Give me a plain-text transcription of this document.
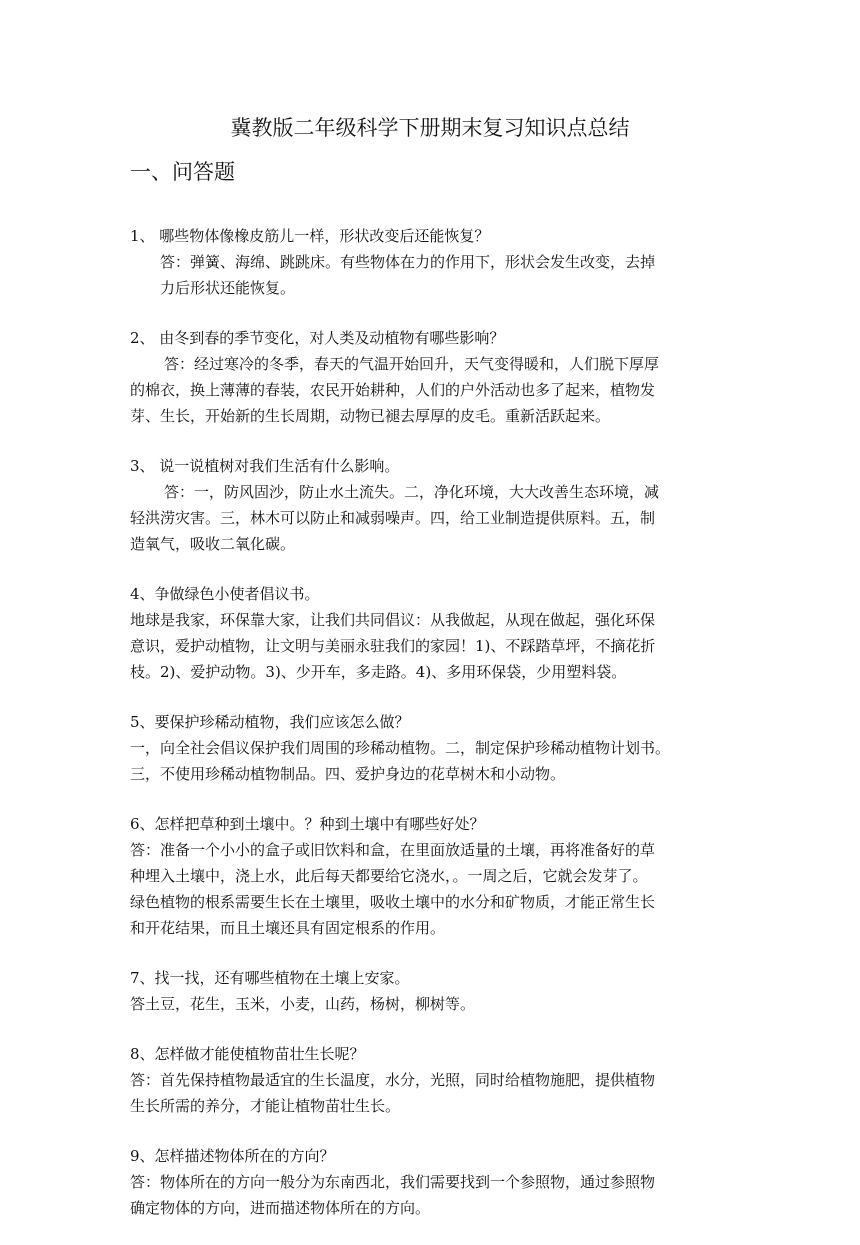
冀教版二年级科学下册期末复习知识点总结
一、问答题
1、 哪些物体像橡皮筋儿一样，形状改变后还能恢复？
答：弹簧、海绵、跳跳床。有些物体在力的作用下，形状会发生改变，去掉
力后形状还能恢复。
2、 由冬到春的季节变化，对人类及动植物有哪些影响？
答：经过寒冷的冬季，春天的气温开始回升，天气变得暖和，人们脱下厚厚
的棉衣，换上薄薄的春装，农民开始耕种，人们的户外活动也多了起来，植物发
芽、生长，开始新的生长周期，动物已褪去厚厚的皮毛。重新活跃起来。
3、 说一说植树对我们生活有什么影响。
答：一，防风固沙，防止水土流失。二，净化环境，大大改善生态环境，减
轻洪涝灾害。三，林木可以防止和减弱噪声。四，给工业制造提供原料。五，制
造氧气，吸收二氧化碳。
4、争做绿色小使者倡议书。
地球是我家，环保靠大家，让我们共同倡议：从我做起，从现在做起，强化环保
意识，爱护动植物，让文明与美丽永驻我们的家园！1)、不踩踏草坪，不摘花折
枝。2)、爱护动物。3)、少开车，多走路。4)、多用环保袋，少用塑料袋。
5、要保护珍稀动植物，我们应该怎么做？
一，向全社会倡议保护我们周围的珍稀动植物。二，制定保护珍稀动植物计划书。
三，不使用珍稀动植物制品。四、爱护身边的花草树木和小动物。
6、怎样把草种到土壤中。？种到土壤中有哪些好处？
答：准备一个小小的盒子或旧饮料和盒，在里面放适量的土壤，再将准备好的草
种埋入土壤中，浇上水，此后每天都要给它浇水，。一周之后，它就会发芽了。
绿色植物的根系需要生长在土壤里，吸收土壤中的水分和矿物质，才能正常生长
和开花结果，而且土壤还具有固定根系的作用。
7、找一找，还有哪些植物在土壤上安家。
答土豆，花生，玉米，小麦，山药，杨树，柳树等。
8、怎样做才能使植物苗壮生长呢？
答：首先保持植物最适宜的生长温度，水分，光照，同时给植物施肥，提供植物
生长所需的养分，才能让植物苗壮生长。
9、怎样描述物体所在的方向？
答：物体所在的方向一般分为东南西北，我们需要找到一个参照物，通过参照物
确定物体的方向，进而描述物体所在的方向。
